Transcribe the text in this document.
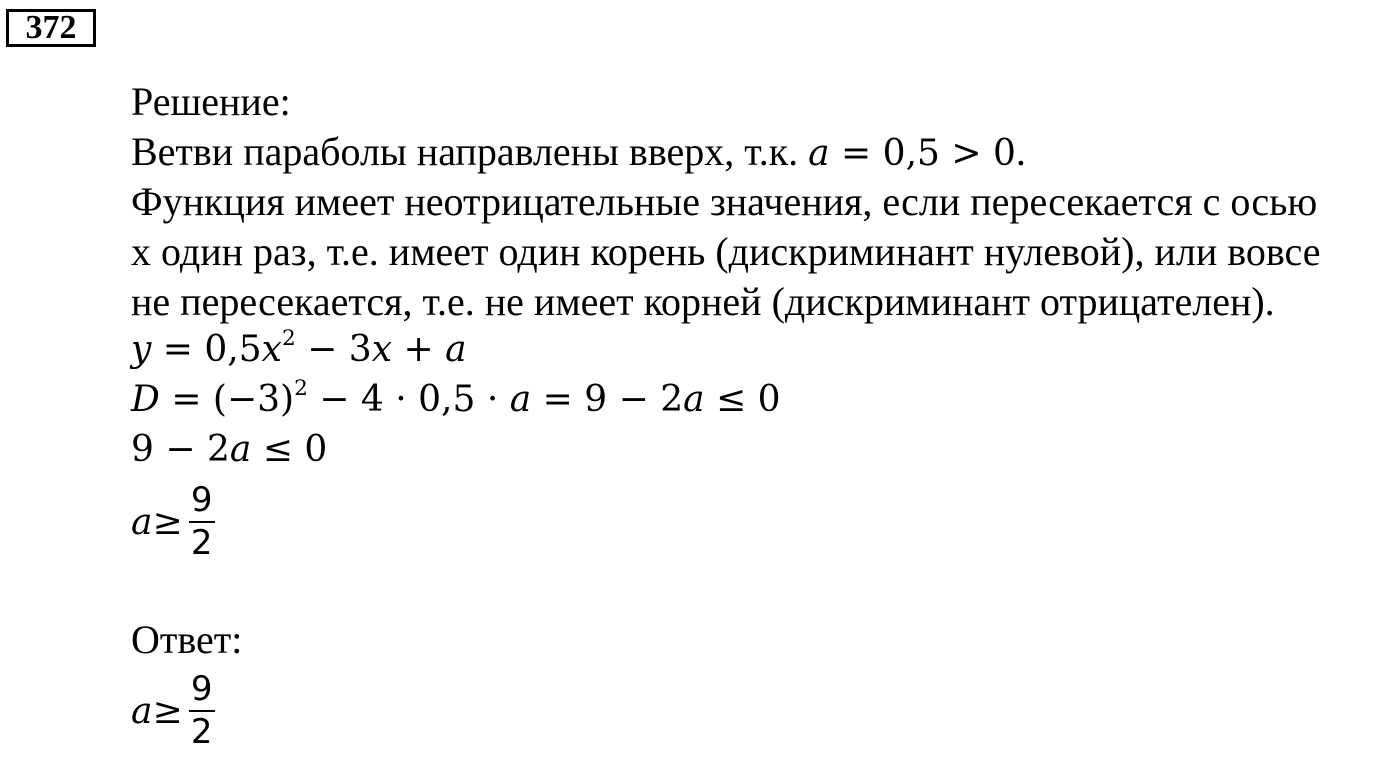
372
Решение:
Ветви параболы направлены вверх, т.к. a = 0,5 > 0.
Функция имеет неотрицательные значения, если пересекается с осью
х один раз, т.е. имеет один корень (дискриминант нулевой), или вовсе
не пересекается, т.е. не имеет корней (дискриминант отрицателен).
$y = 0,5x^2 - 3x + a$
$D = (-3)^2 - 4 \cdot 0,5 \cdot a = 9 - 2a \le 0$
9 − 2a ≤ 0
$a \ge \frac{9}{2}$
Ответ:
$a \ge \frac{9}{2}$
